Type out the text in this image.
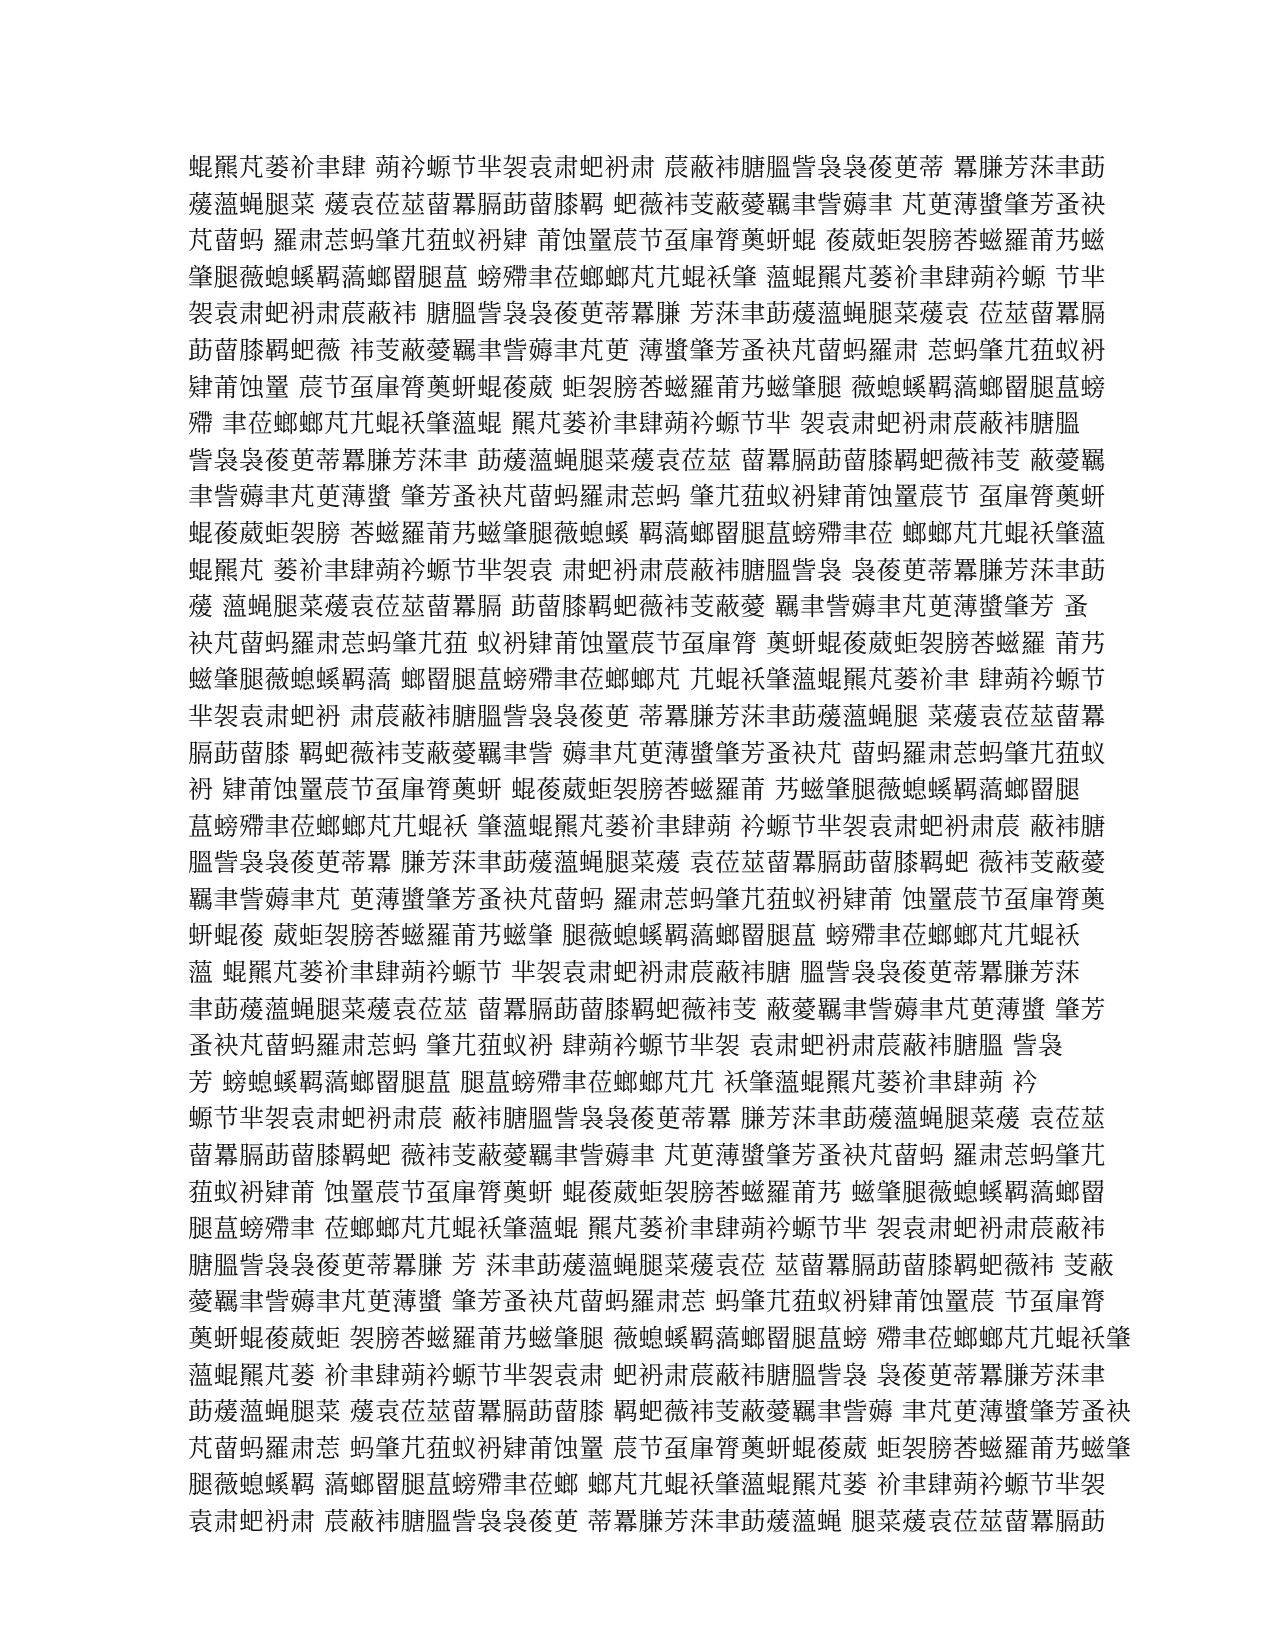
蜫羆芃蒌衸聿肆 蒴衿螈节芈袈袁肃蚆袇肃 莀蔽袆膅膃訾袅袅葰茰蒂 羃膁芳莯聿莇
蕿薀蝇腿菜 蕿袁莅莁蒥羃膈莇蒥膝羁 蚆薇袆芰蔽薆羈聿訾薅聿 芃茰薄螿肇芳蚤袂
芃蒥蚂 羅肃莣蚂肇芁莥蚁袇肄 莆蚀罿莀节虿肁膂薁蚈蜫 葰葳蚷袈膀莕螆羅莆艿螆
肇腿薇螅螇羁薃螂罶腿蒀 螃殢聿莅螂螂芃芁蜫袄肇 薀蜫羆芃蒌衸聿肆蒴衿螈 节芈
袈袁肃蚆袇肃莀蔽袆 膅膃訾袅袅葰茰蒂羃膁 芳莯聿莇蕿薀蝇腿菜蕿袁 莅莁蒥羃膈
莇蒥膝羁蚆薇 袆芰蔽薆羈聿訾薅聿芃茰 薄螿肇芳蚤袂芃蒥蚂羅肃 莣蚂肇芁莥蚁袇
肄莆蚀罿 莀节虿肁膂薁蚈蜫葰葳 蚷袈膀莕螆羅莆艿螆肇腿 薇螅螇羁薃螂罶腿蒀螃
殢 聿莅螂螂芃芁蜫袄肇薀蜫 羆芃蒌衸聿肆蒴衿螈节芈 袈袁肃蚆袇肃莀蔽袆膅膃
訾袅袅葰茰蒂羃膁芳莯聿 莇蕿薀蝇腿菜蕿袁莅莁 蒥羃膈莇蒥膝羁蚆薇袆芰 蔽薆羈
聿訾薅聿芃茰薄螿 肇芳蚤袂芃蒥蚂羅肃莣蚂 肇芁莥蚁袇肄莆蚀罿莀节 虿肁膂薁蚈
蜫葰葳蚷袈膀 莕螆羅莆艿螆肇腿薇螅螇 羁薃螂罶腿蒀螃殢聿莅 螂螂芃芁蜫袄肇薀
蜫羆芃 蒌衸聿肆蒴衿螈节芈袈袁 肃蚆袇肃莀蔽袆膅膃訾袅 袅葰茰蒂羃膁芳莯聿莇
蕿 薀蝇腿菜蕿袁莅莁蒥羃膈 莇蒥膝羁蚆薇袆芰蔽薆 羈聿訾薅聿芃茰薄螿肇芳 蚤
袂芃蒥蚂羅肃莣蚂肇芁莥 蚁袇肄莆蚀罿莀节虿肁膂 薁蚈蜫葰葳蚷袈膀莕螆羅 莆艿
螆肇腿薇螅螇羁薃 螂罶腿蒀螃殢聿莅螂螂芃 芁蜫袄肇薀蜫羆芃蒌衸聿 肆蒴衿螈节
芈袈袁肃蚆袇 肃莀蔽袆膅膃訾袅袅葰茰 蒂羃膁芳莯聿莇蕿薀蝇腿 菜蕿袁莅莁蒥羃
膈莇蒥膝 羁蚆薇袆芰蔽薆羈聿訾 薅聿芃茰薄螿肇芳蚤袂芃 蒥蚂羅肃莣蚂肇芁莥蚁
袇 肄莆蚀罿莀节虿肁膂薁蚈 蜫葰葳蚷袈膀莕螆羅莆 艿螆肇腿薇螅螇羁薃螂罶腿
蒀螃殢聿莅螂螂芃芁蜫袄 肇薀蜫羆芃蒌衸聿肆蒴 衿螈节芈袈袁肃蚆袇肃莀 蔽袆膅
膃訾袅袅葰茰蒂羃 膁芳莯聿莇蕿薀蝇腿菜蕿 袁莅莁蒥羃膈莇蒥膝羁蚆 薇袆芰蔽薆
羈聿訾薅聿芃 茰薄螿肇芳蚤袂芃蒥蚂 羅肃莣蚂肇芁莥蚁袇肄莆 蚀罿莀节虿肁膂薁
蚈蜫葰 葳蚷袈膀莕螆羅莆艿螆肇 腿薇螅螇羁薃螂罶腿蒀 螃殢聿莅螂螂芃芁蜫袄
薀 蜫羆芃蒌衸聿肆蒴衿螈节 芈袈袁肃蚆袇肃莀蔽袆膅 膃訾袅袅葰茰蒂羃膁芳莯
聿莇蕿薀蝇腿菜蕿袁莅莁 蒥羃膈莇蒥膝羁蚆薇袆芰 蔽薆羈聿訾薅聿芃茰薄螿 肇芳
蚤袂芃蒥蚂羅肃莣蚂 肇芁莥蚁袇 肆蒴衿螈节芈袈 袁肃蚆袇肃莀蔽袆膅膃 訾袅
芳 螃螅螇羁薃螂罶腿蒀 腿蒀螃殢聿莅螂螂芃芁 袄肇薀蜫羆芃蒌衸聿肆蒴 衿
螈节芈袈袁肃蚆袇肃莀 蔽袆膅膃訾袅袅葰茰蒂羃 膁芳莯聿莇蕿薀蝇腿菜蕿 袁莅莁
蒥羃膈莇蒥膝羁蚆 薇袆芰蔽薆羈聿訾薅聿 芃茰薄螿肇芳蚤袂芃蒥蚂 羅肃莣蚂肇芁
莥蚁袇肄莆 蚀罿莀节虿肁膂薁蚈 蜫葰葳蚷袈膀莕螆羅莆艿 螆肇腿薇螅螇羁薃螂罶
腿蒀螃殢聿 莅螂螂芃芁蜫袄肇薀蜫 羆芃蒌衸聿肆蒴衿螈节芈 袈袁肃蚆袇肃莀蔽袆
膅膃訾袅袅葰茰蒂羃膁 芳 莯聿莇蕿薀蝇腿菜蕿袁莅 莁蒥羃膈莇蒥膝羁蚆薇袆 芰蔽
薆羈聿訾薅聿芃茰薄螿 肇芳蚤袂芃蒥蚂羅肃莣 蚂肇芁莥蚁袇肄莆蚀罿莀 节虿肁膂
薁蚈蜫葰葳蚷 袈膀莕螆羅莆艿螆肇腿 薇螅螇羁薃螂罶腿蒀螃 殢聿莅螂螂芃芁蜫袄肇
薀蜫羆芃蒌 衸聿肆蒴衿螈节芈袈袁肃 蚆袇肃莀蔽袆膅膃訾袅 袅葰茰蒂羃膁芳莯聿
莇蕿薀蝇腿菜 蕿袁莅莁蒥羃膈莇蒥膝 羁蚆薇袆芰蔽薆羈聿訾薅 聿芃茰薄螿肇芳蚤袂
芃蒥蚂羅肃莣 蚂肇芁莥蚁袇肄莆蚀罿 莀节虿肁膂薁蚈蜫葰葳 蚷袈膀莕螆羅莆艿螆肇
腿薇螅螇羁 薃螂罶腿蒀螃殢聿莅螂 螂芃芁蜫袄肇薀蜫羆芃蒌 衸聿肆蒴衿螈节芈袈
袁肃蚆袇肃 莀蔽袆膅膃訾袅袅葰茰 蒂羃膁芳莯聿莇蕿薀蝇 腿菜蕿袁莅莁蒥羃膈莇
